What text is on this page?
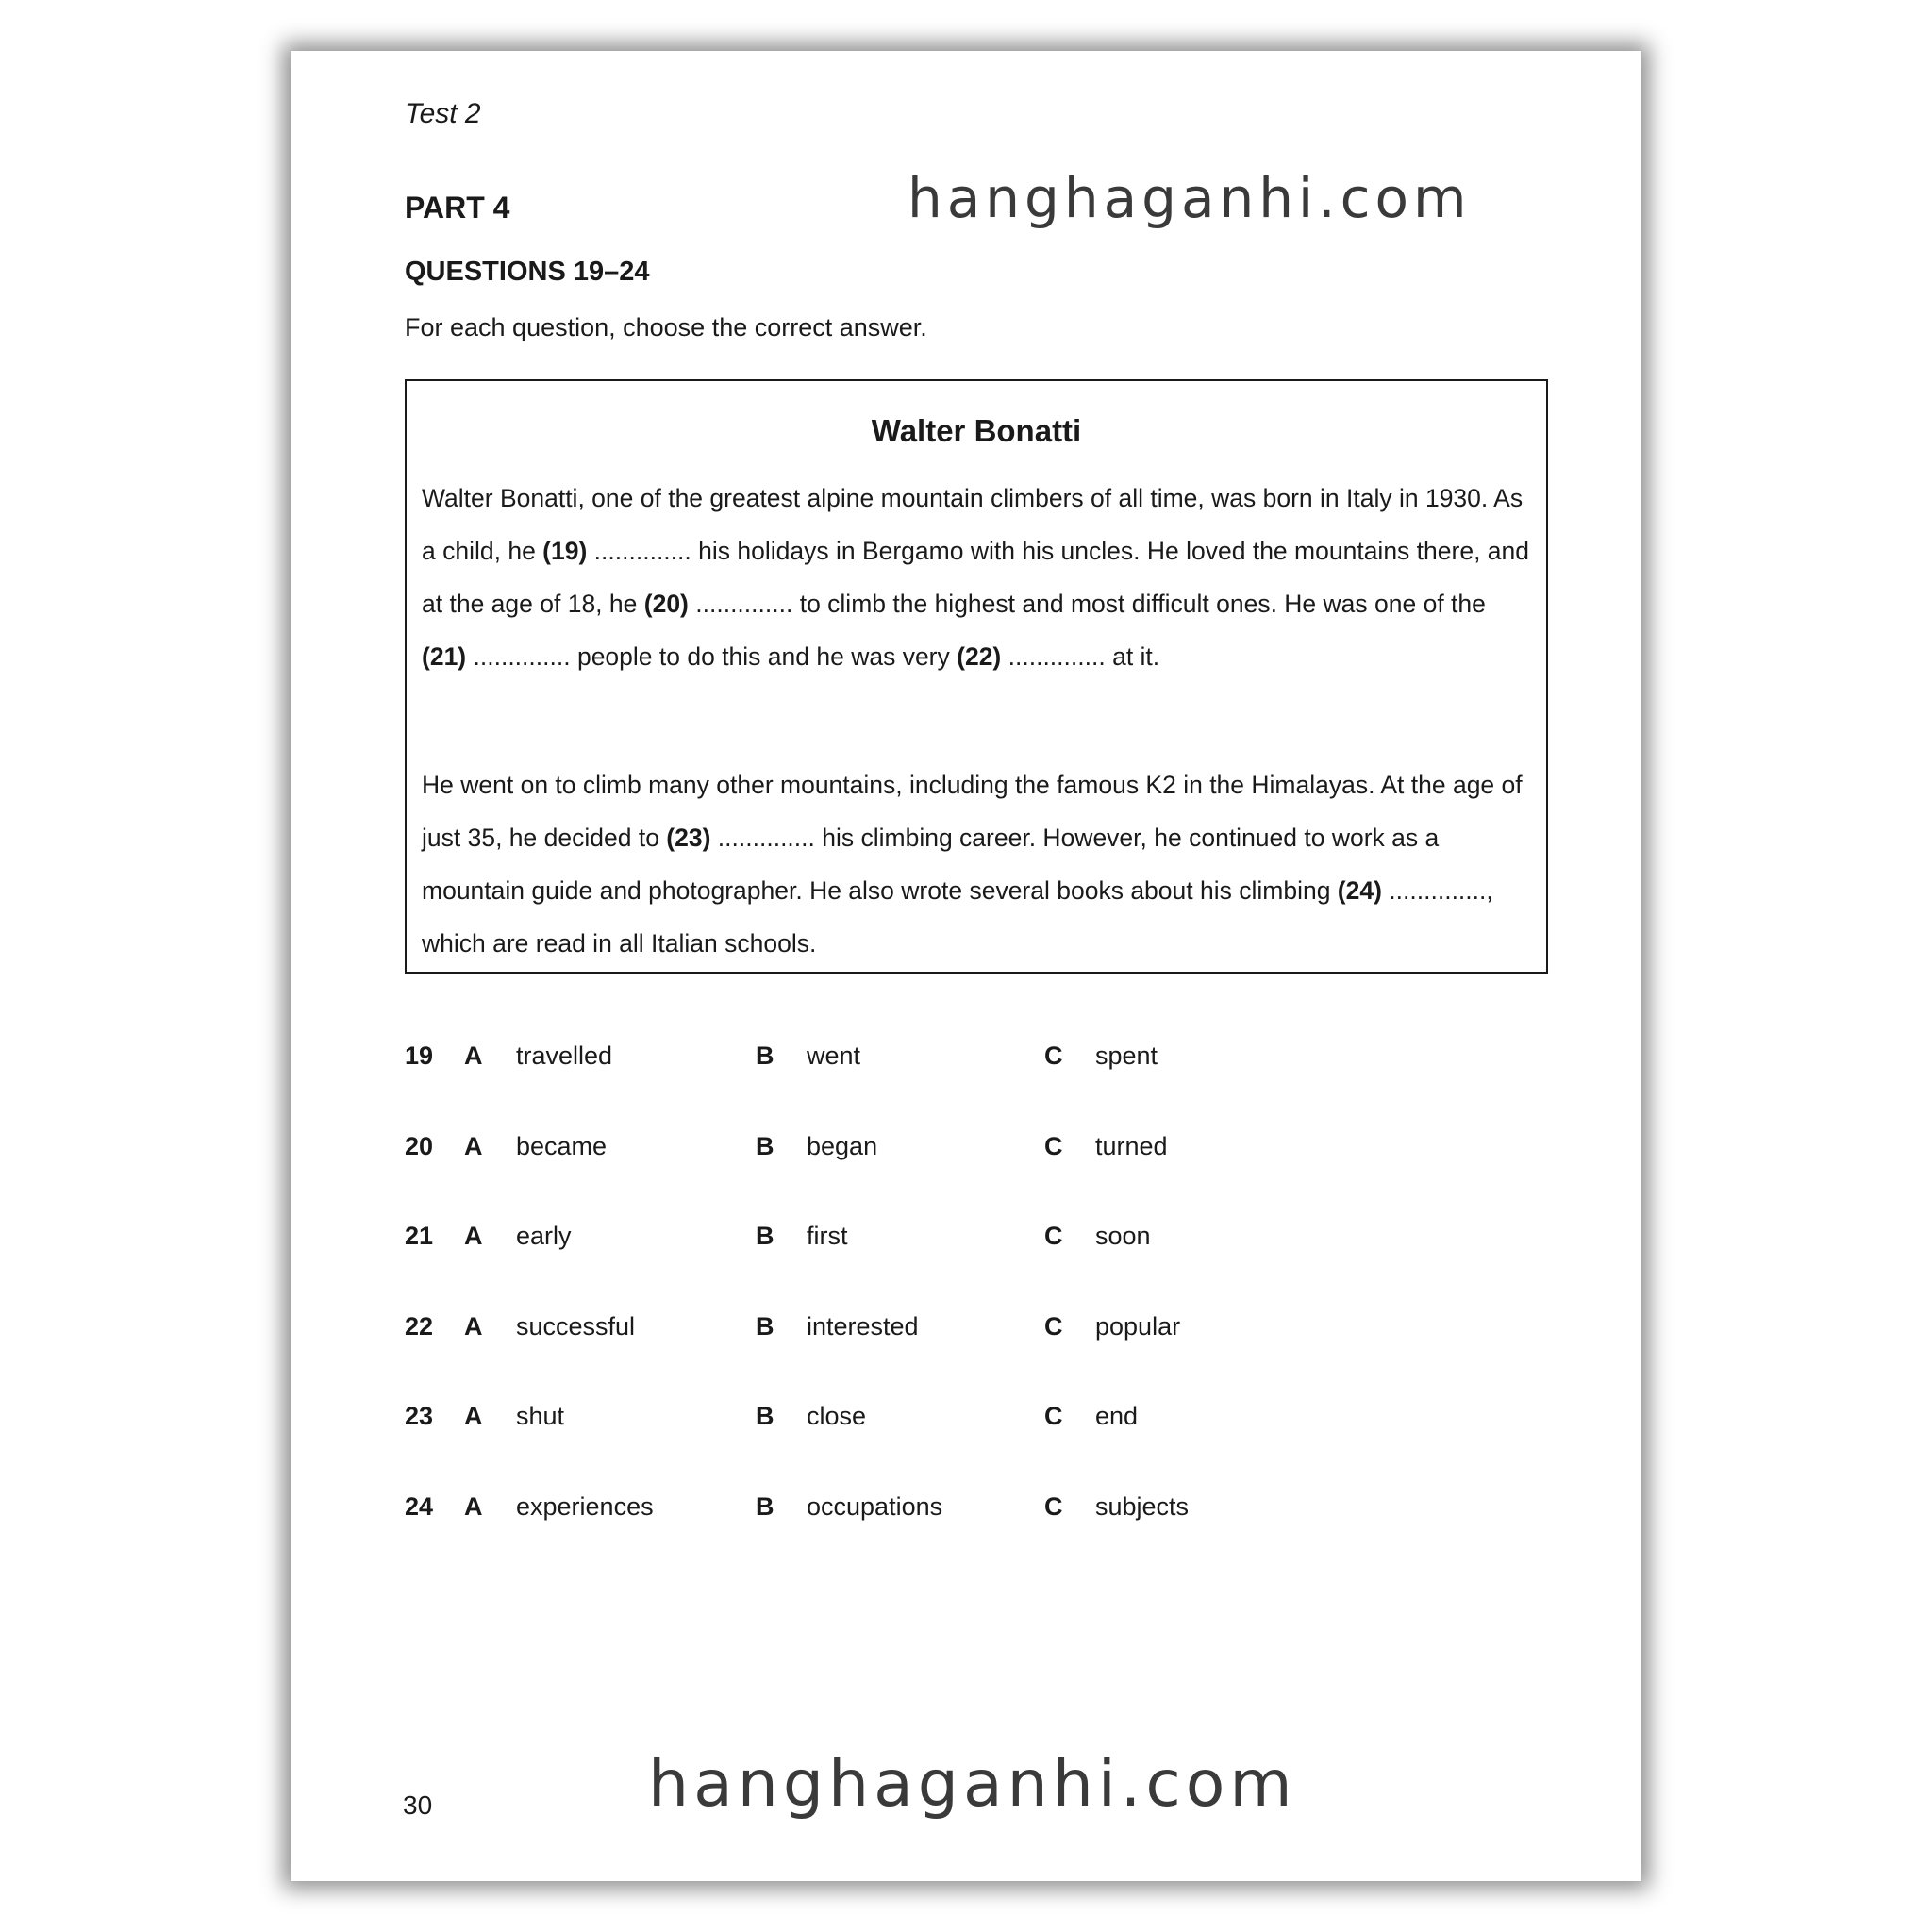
Test 2
PART 4	hanghaganhi.com
QUESTIONS 19–24
For each question, choose the correct answer.
Walter Bonatti

Walter Bonatti, one of the greatest alpine mountain climbers of all time, was born in Italy in 1930. As a child, he (19) .............. his holidays in Bergamo with his uncles. He loved the mountains there, and at the age of 18, he (20) .............. to climb the highest and most difficult ones. He was one of the (21) .............. people to do this and he was very (22) .............. at it.

He went on to climb many other mountains, including the famous K2 in the Himalayas. At the age of just 35, he decided to (23) .............. his climbing career. However, he continued to work as a mountain guide and photographer. He also wrote several books about his climbing (24) .............., which are read in all Italian schools.

19 A travelled	B went	C spent
20 A became	B began	C turned
21 A early	B first	C soon
22 A successful	B interested	C popular
23 A shut	B close	C end
24 A experiences	B occupations	C subjects
30	hanghaganhi.com
